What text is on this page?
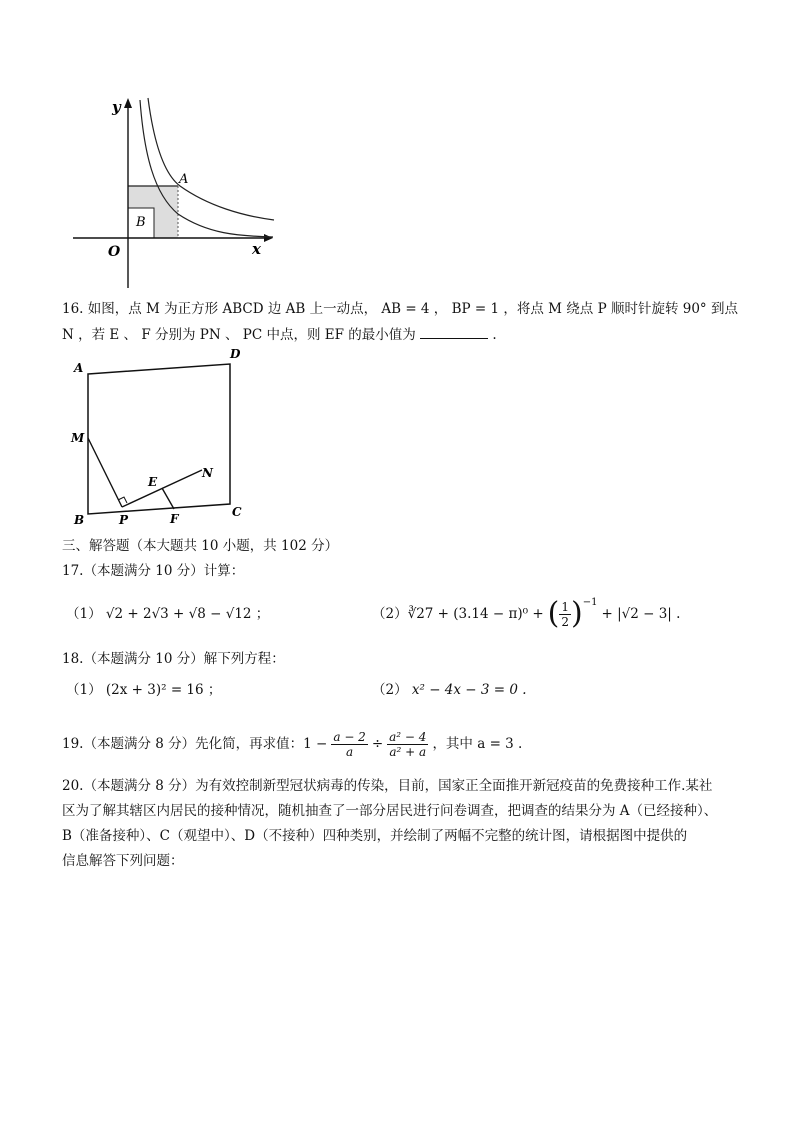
y
x
O
A
B
16. 如图，点 M 为正方形 ABCD 边 AB 上一动点， AB = 4 ， BP = 1 ，将点 M 绕点 P 顺时针旋转 90° 到点
N ，若 E 、 F 分别为 PN 、 PC 中点，则 EF 的最小值为	.
A
D
M
B	P
E
F
N
C
三、解答题（本大题共 10 小题，共 102 分）
17.（本题满分 10 分）计算：
（1） √2 + 2√3 + √8 − √12 ；	（2） ∛27 + (3.14 − π)⁰ + ( $\frac{1}{2}$ ) −1
+ |√2 − 3| .
18.（本题满分 10 分）解下列方程：
（1） (2x + 3)² = 16 ；	（2） x² − 4x − 3 = 0 .
19.（本题满分 8 分）先化简，再求值：$1 - \frac{a - 2}{a} \div \frac{\text{a² − 4}}{\text{a² + a}}$ ，其中 a = 3 .
20.（本题满分 8 分）为有效控制新型冠状病毒的传染，目前，国家正全面推开新冠疫苗的免费接种工作.某社
区为了解其辖区内居民的接种情况，随机抽查了一部分居民进行问卷调查，把调查的结果分为 A（已经接种）、
B（准备接种）、C（观望中）、D（不接种）四种类别，并绘制了两幅不完整的统计图，请根据图中提供的
信息解答下列问题：
